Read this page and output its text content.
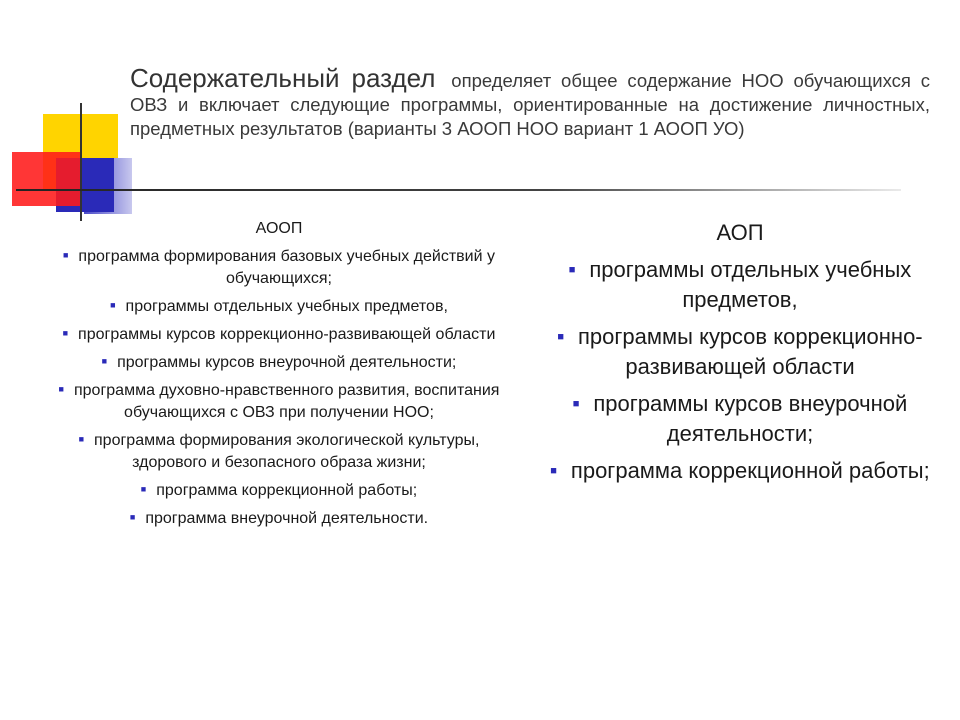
Содержательный раздел определяет общее содержание НОО обучающихся с ОВЗ и включает следующие программы, ориентированные на достижение личностных, предметных результатов (варианты 3 АООП НОО вариант 1 АООП УО)

АООП
■ программа формирования базовых учебных действий у обучающихся;
■ программы отдельных учебных предметов,
■ программы курсов коррекционно-развивающей области
■ программы курсов внеурочной деятельности;
■ программа духовно-нравственного развития, воспитания обучающихся с ОВЗ при получении НОО;
■ программа формирования экологической культуры, здорового и безопасного образа жизни;
■ программа коррекционной работы;
■ программа внеурочной деятельности.
АОП
■ программы отдельных учебных предметов,
■ программы курсов коррекционно-развивающей области
■ программы курсов внеурочной деятельности;
■ программа коррекционной работы;
